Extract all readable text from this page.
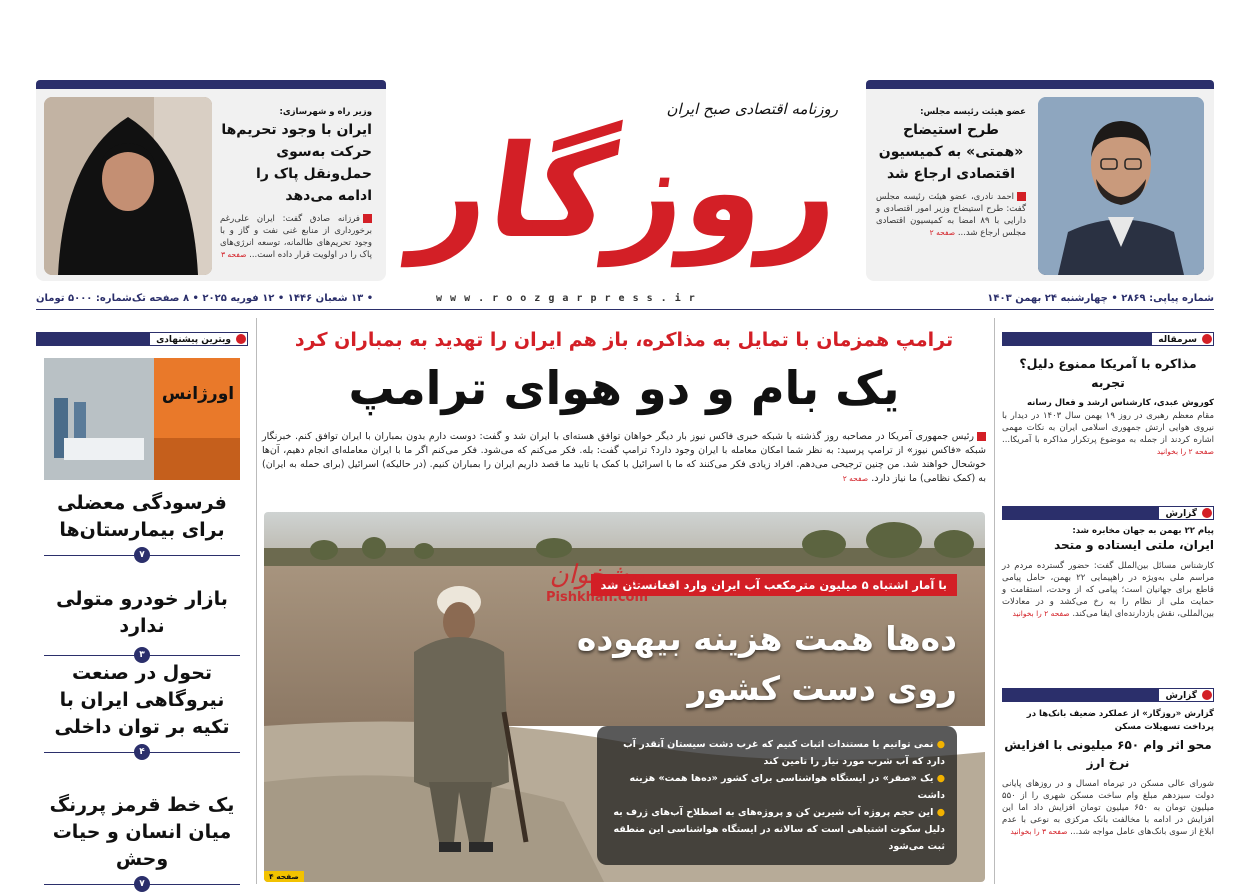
عضو هیئت رئیسه مجلس:
طرح استیضاح «همتی» به کمیسیون اقتصادی ارجاع شد
احمد نادری، عضو هیئت رئیسه مجلس گفت: طرح استیضاح وزیر امور اقتصادی و دارایی با ۸۹ امضا به کمیسیون اقتصادی مجلس ارجاع شد... صفحه ۲
وزیر راه و شهرسازی:
ایران با وجود تحریم‌ها حرکت به‌سوی حمل‌ونقل پاک را ادامه می‌دهد
فرزانه صادق گفت: ایران علی‌رغم برخورداری از منابع غنی نفت و گاز و با وجود تحریم‌های ظالمانه، توسعه انرژی‌های پاک را در اولویت قرار داده است... صفحه ۳
روزنامه اقتصادی صبح ایران
روزگار
شماره پیاپی: ۲۸۶۹ • چهارشنبه ۲۴ بهمن ۱۴۰۳
w w w . r o o z g a r p r e s s . i r
• ۱۳ شعبان ۱۴۴۶ • ۱۲ فوریه ۲۰۲۵ • ۸ صفحه تک‌شماره: ۵۰۰۰ تومان
ترامپ همزمان با تمایل به مذاکره، باز هم ایران را تهدید به بمباران کرد
یک بام و دو هوای ترامپ
رئیس جمهوری آمریکا در مصاحبه روز گذشته با شبکه خبری فاکس نیوز بار دیگر خواهان توافق هسته‌ای با ایران شد و گفت: دوست دارم بدون بمباران با ایران توافق کنم. خبرنگار شبکه «فاکس نیوز» از ترامپ پرسید: به نظر شما امکان معامله با ایران وجود دارد؟ ترامپ گفت: بله. فکر می‌کنم که می‌شود. فکر می‌کنم اگر ما با ایران معامله‌ای انجام دهیم، آن‌ها خوشحال خواهند شد. من چنین ترجیحی می‌دهم. افراد زیادی فکر می‌کنند که ما با اسرائیل با کمک یا تایید ما قصد داریم ایران را بمباران کنیم. (در حالیکه) اسرائیل (برای حمله به ایران) به (کمک نظامی) ما نیاز دارد. صفحه ۲
با آمار اشتباه ۵ میلیون مترمکعب آب ایران وارد افغانستان شد
پیشخوان
Pishkhan.com
ده‌ها همت هزینه بیهوده
روی دست کشور
● نمی توانیم با مستندات اثبات کنیم که غرب دشت سیستان آنقدر آب دارد که آب شرب مورد نیاز را تامین کند
● یک «صفر» در ایستگاه هواشناسی برای کشور «ده‌ها همت» هزینه داشت
● این حجم پروژه آب شیرین کن و پروژه‌های به اصطلاح آب‌های ژرف به دلیل سکوت اشتباهی است که سالانه در ایستگاه هواشناسی این منطقه ثبت می‌شود
صفحه ۴
سرمقاله
مذاکره با آمریکا ممنوع دلیل؟ تجربه
کوروش عبدی، کارشناس ارشد و فعال رسانه
مقام معظم رهبری در روز ۱۹ بهمن سال ۱۴۰۳ در دیدار با نیروی هوایی ارتش جمهوری اسلامی ایران به نکات مهمی اشاره کردند از جمله به موضوع پرتکرار مذاکره با آمریکا... صفحه ۲ را بخوانید
گزارش
پیام ۲۲ بهمن به جهان مخابره شد:
ایران، ملتی ایستاده و متحد
کارشناس مسائل بین‌الملل گفت: حضور گسترده مردم در مراسم ملی به‌ویژه در راهپیمایی ۲۲ بهمن، حامل پیامی قاطع برای جهانیان است؛ پیامی که از وحدت، استقامت و حمایت ملی از نظام را به رخ می‌کشد و در معادلات بین‌المللی، نقش بازدارنده‌ای ایفا می‌کند. صفحه ۲ را بخوانید
گزارش
گزارش «روزگار» از عملکرد ضعیف بانک‌ها در پرداخت تسهیلات مسکن
محو اثر وام ۶۵۰ میلیونی با افزایش نرخ ارز
شورای عالی مسکن در تیرماه امسال و در روزهای پایانی دولت سیزدهم مبلغ وام ساخت مسکن شهری را از ۵۵۰ میلیون تومان به ۶۵۰ میلیون تومان افزایش داد اما این افزایش در ادامه با مخالفت بانک مرکزی به نوعی با عدم ابلاغ از سوی بانک‌های عامل مواجه شد... صفحه ۳ را بخوانید
ویترین پیشنهادی
اورژانس
فرسودگی معضلی برای بیمارستان‌ها
۷
بازار خودرو متولی ندارد
۳
تحول در صنعت نیروگاهی ایران با تکیه بر توان داخلی
۴
یک خط قرمز پررنگ میان انسان و حیات وحش
۷
